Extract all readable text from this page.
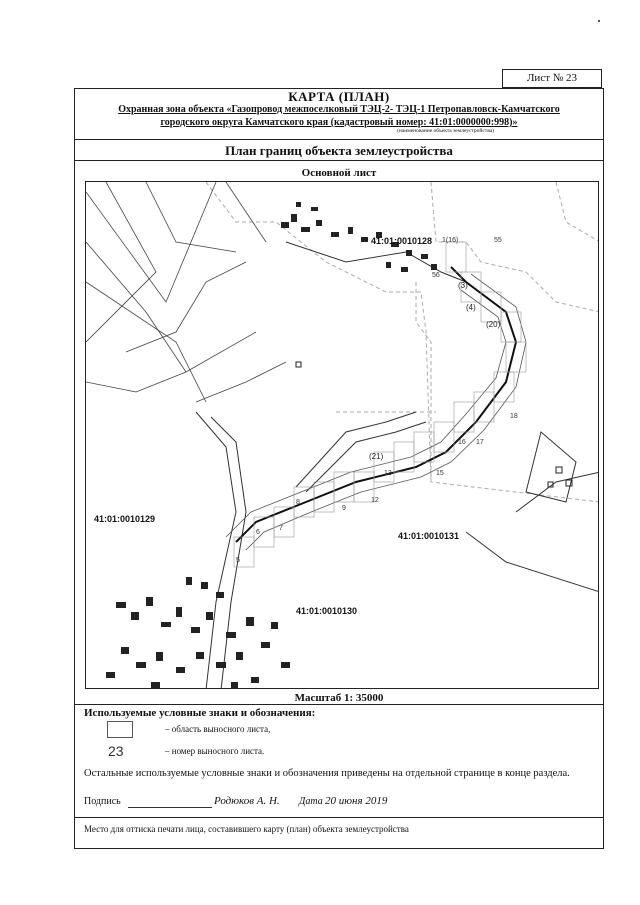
Лист № 23
КАРТА (ПЛАН)
Охранная зона объекта «Газопровод межпоселковый ТЭЦ-2- ТЭЦ-1 Петропавловск-Камчатского
городского округа Камчатского края (кадастровый номер: 41:01:0000000:998)»
(наименование объекта землеустройства)
План границ объекта землеустройства
Основной лист
41:01:0010128
41:01:0010129
41:01:0010131
41:01:0010130
5
6
7
8
9
12
13	15
16 17
18
55
56
1(16)
(21)
(3)
(4)
(20)
Масштаб 1: 35000
Используемые условные знаки и обозначения:
– область выносного листа,
23	– номер выносного листа.
Остальные используемые условные знаки и обозначения приведены на отдельной странице в конце раздела.
Подпись	Родюков А. Н. Дата 20 июня 2019
Место для оттиска печати лица, составившего карту (план) объекта землеустройства
